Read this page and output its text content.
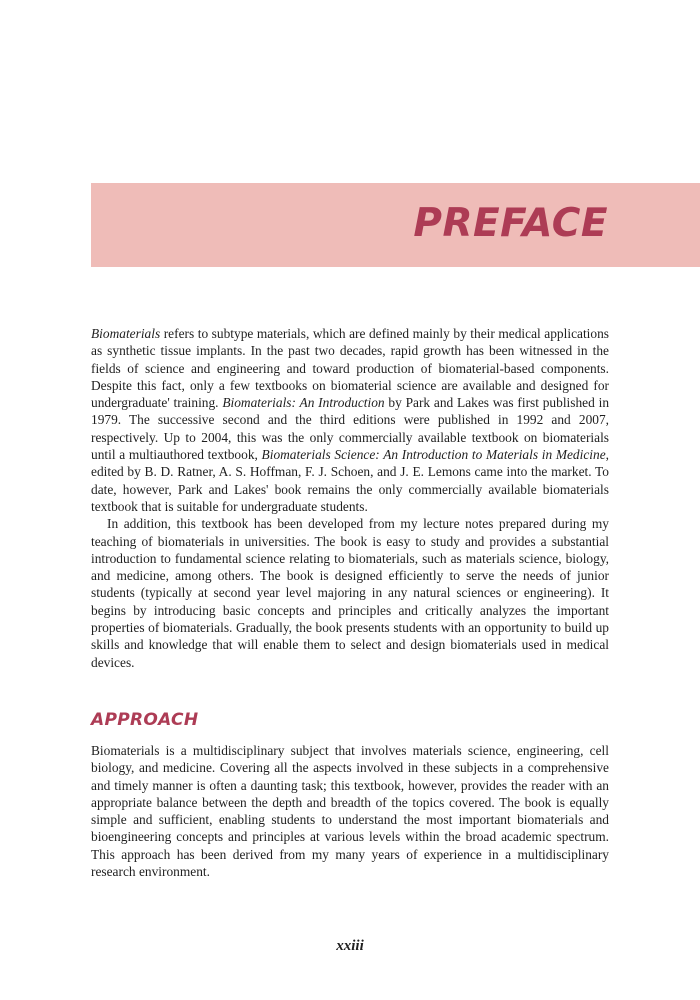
PREFACE

Biomaterials refers to subtype materials, which are defined mainly by their medical applications as synthetic tissue implants. In the past two decades, rapid growth has been witnessed in the fields of science and engineering and toward production of biomaterial-based components. Despite this fact, only a few textbooks on biomaterial science are available and designed for undergraduate' training. Biomaterials: An Introduction by Park and Lakes was first published in 1979. The successive second and the third editions were published in 1992 and 2007, respectively. Up to 2004, this was the only commercially available textbook on biomaterials until a multiauthored textbook, Biomaterials Science: An Introduction to Materials in Medicine, edited by B. D. Ratner, A. S. Hoffman, F. J. Schoen, and J. E. Lemons came into the market. To date, however, Park and Lakes' book remains the only commercially available biomaterials textbook that is suitable for undergraduate students.

In addition, this textbook has been developed from my lecture notes prepared during my teaching of biomaterials in universities. The book is easy to study and provides a substantial introduction to fundamental science relating to biomaterials, such as materials science, biology, and medicine, among others. The book is designed efficiently to serve the needs of junior students (typically at second year level majoring in any natural sciences or engineering). It begins by introducing basic concepts and principles and critically analyzes the important properties of biomaterials. Gradually, the book presents students with an opportunity to build up skills and knowledge that will enable them to select and design biomaterials used in medical devices.

APPROACH

Biomaterials is a multidisciplinary subject that involves materials science, engineering, cell biology, and medicine. Covering all the aspects involved in these subjects in a comprehensive and timely manner is often a daunting task; this textbook, however, provides the reader with an appropriate balance between the depth and breadth of the topics covered. The book is equally simple and sufficient, enabling students to understand the most important biomaterials and bioengineering concepts and principles at various levels within the broad academic spectrum. This approach has been derived from my many years of experience in a multidisciplinary research environment.

xxiii
